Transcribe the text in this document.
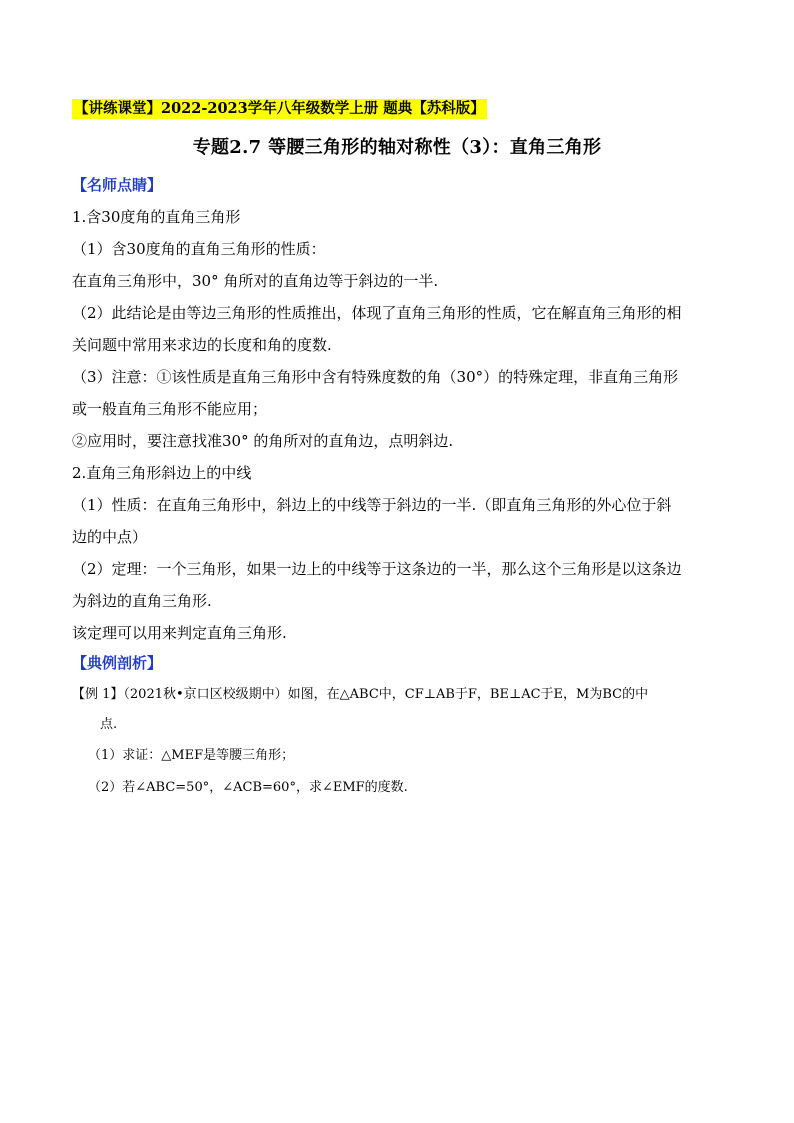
【讲练课堂】2022-2023学年八年级数学上册 题典【苏科版】
专题2.7 等腰三角形的轴对称性（3）：直角三角形
【名师点睛】
1.含30度角的直角三角形
（1）含30度角的直角三角形的性质：
在直角三角形中，30° 角所对的直角边等于斜边的一半.
（2）此结论是由等边三角形的性质推出，体现了直角三角形的性质，它在解直角三角形的相
关问题中常用来求边的长度和角的度数.
（3）注意：①该性质是直角三角形中含有特殊度数的角（30°）的特殊定理，非直角三角形
或一般直角三角形不能应用；
②应用时，要注意找准30° 的角所对的直角边，点明斜边.
2.直角三角形斜边上的中线
（1）性质：在直角三角形中，斜边上的中线等于斜边的一半.（即直角三角形的外心位于斜
边的中点）
（2）定理：一个三角形，如果一边上的中线等于这条边的一半，那么这个三角形是以这条边
为斜边的直角三角形.
该定理可以用来判定直角三角形.
【典例剖析】
【例 1】（2021秋•京口区校级期中）如图，在△ABC中，CF⊥AB于F，BE⊥AC于E，M为BC的中
点.
（1）求证：△MEF是等腰三角形；
（2）若∠ABC=50°，∠ACB=60°，求∠EMF的度数.
